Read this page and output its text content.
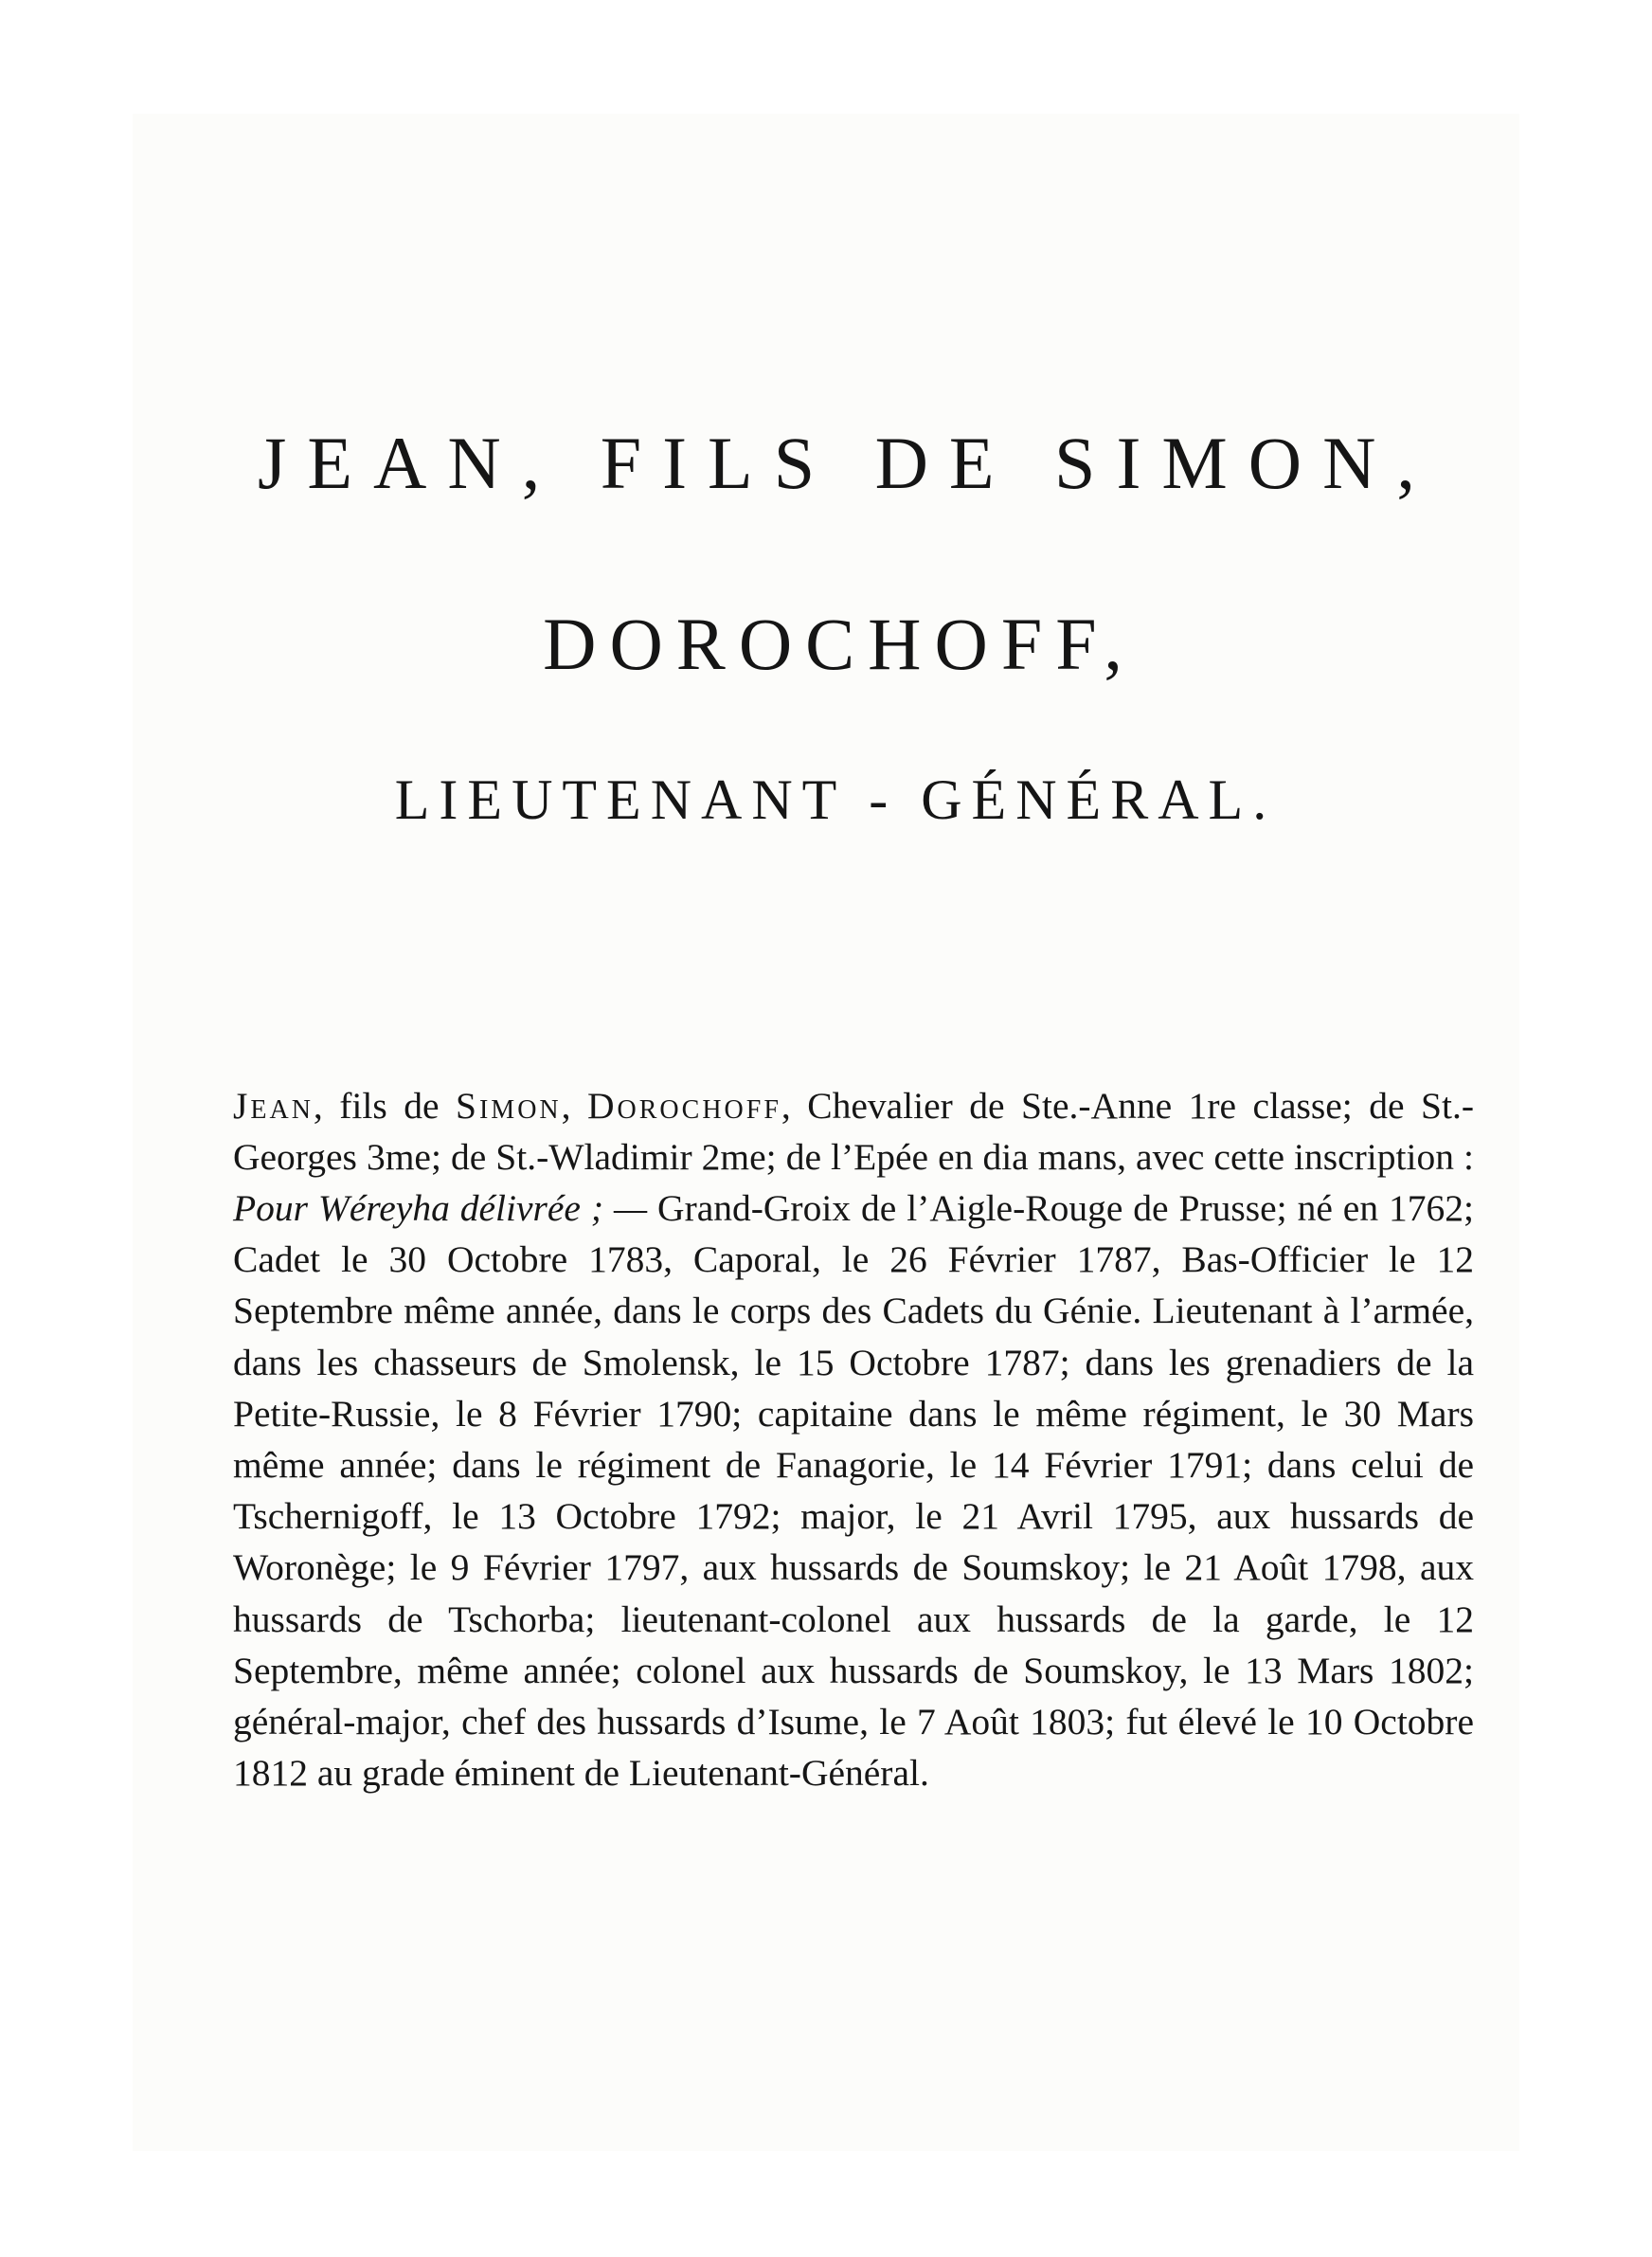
JEAN, FILS DE SIMON,
DOROCHOFF,
LIEUTENANT - GÉNÉRAL.

Jean, fils de Simon, Dorochoff, Chevalier de Ste.-Anne 1re classe; de St.-Georges 3me; de St.-Wladimir 2me; de l’Epée en dia mans, avec cette inscription : Pour Wéreyha délivrée ; — Grand-Groix de l’Aigle-Rouge de Prusse; né en 1762; Cadet le 30 Octobre 1783, Caporal, le 26 Février 1787, Bas-Officier le 12 Septembre même année, dans le corps des Cadets du Génie. Lieutenant à l’armée, dans les chasseurs de Smolensk, le 15 Octobre 1787; dans les grenadiers de la Petite-Russie, le 8 Février 1790; capitaine dans le même régiment, le 30 Mars même année; dans le régiment de Fanagorie, le 14 Février 1791; dans celui de Tschernigoff, le 13 Octobre 1792; major, le 21 Avril 1795, aux hussards de Woronège; le 9 Février 1797, aux hussards de Soumskoy; le 21 Août 1798, aux hussards de Tschorba; lieutenant-colonel aux hussards de la garde, le 12 Septembre, même année; colonel aux hussards de Soumskoy, le 13 Mars 1802; général-major, chef des hussards d’Isume, le 7 Août 1803; fut élevé le 10 Octobre 1812 au grade éminent de Lieutenant-Général.
